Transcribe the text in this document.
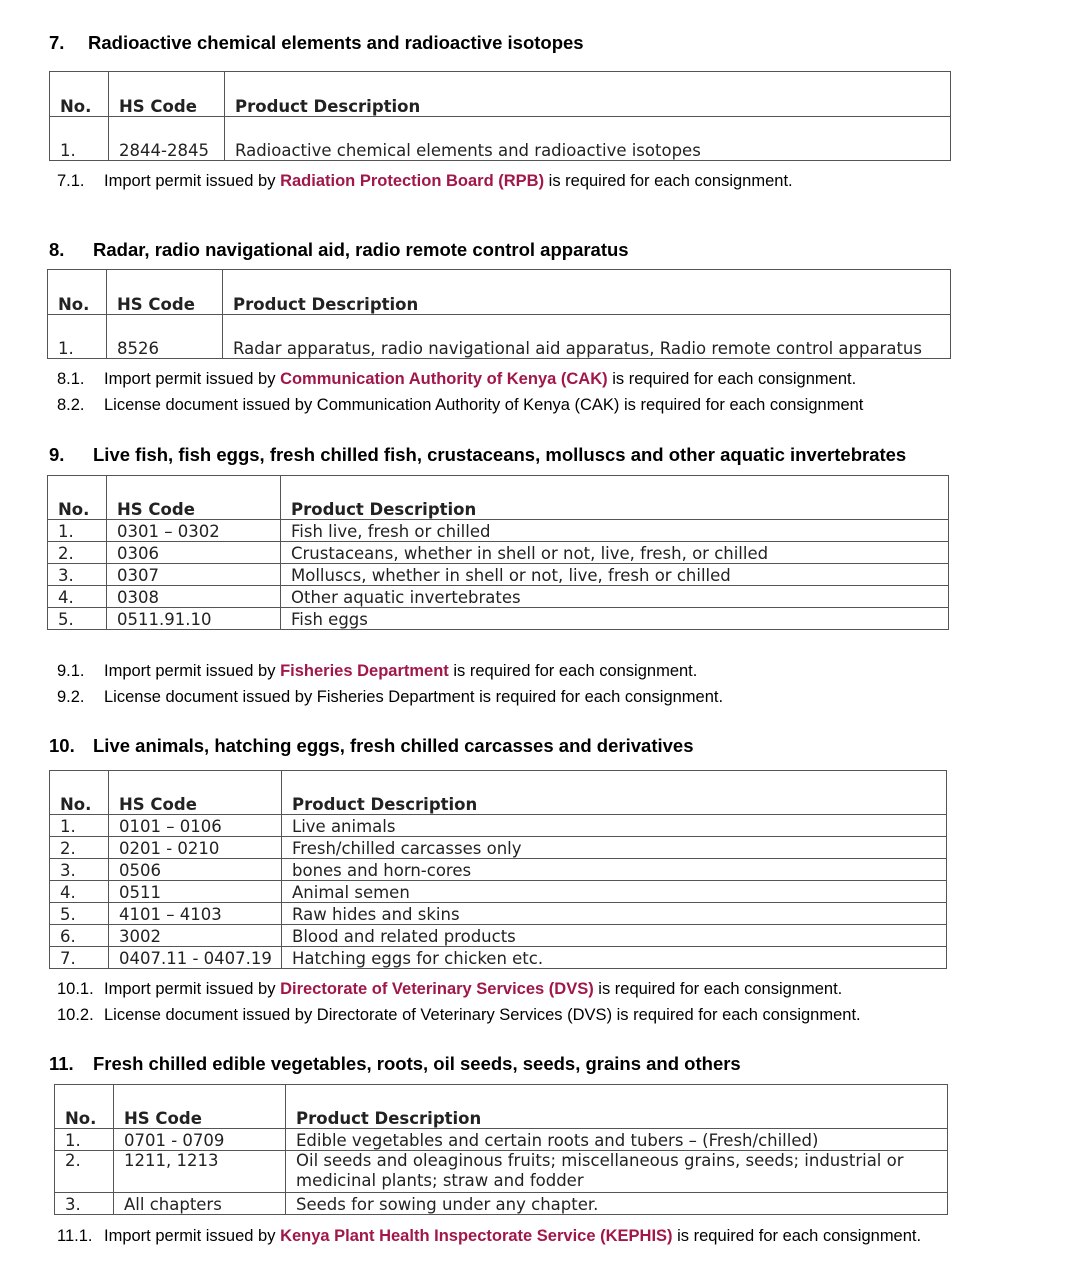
7. Radioactive chemical elements and radioactive isotopes
No.	HS Code	Product Description
1.	2844-2845	Radioactive chemical elements and radioactive isotopes

7.1. Import permit issued by Radiation Protection Board (RPB) is required for each consignment.

8. Radar, radio navigational aid, radio remote control apparatus
No.	HS Code	Product Description
1.	8526	Radar apparatus, radio navigational aid apparatus, Radio remote control apparatus

8.1. Import permit issued by Communication Authority of Kenya (CAK) is required for each consignment.

8.2. License document issued by Communication Authority of Kenya (CAK) is required for each consignment

9. Live fish, fish eggs, fresh chilled fish, crustaceans, molluscs and other aquatic invertebrates
No.	HS Code	Product Description
1.	0301 – 0302	Fish live, fresh or chilled
2.	0306	Crustaceans, whether in shell or not, live, fresh, or chilled
3.	0307	Molluscs, whether in shell or not, live, fresh or chilled
4.	0308	Other aquatic invertebrates
5.	0511.91.10	Fish eggs

9.1. Import permit issued by Fisheries Department is required for each consignment.

9.2. License document issued by Fisheries Department is required for each consignment.

10. Live animals, hatching eggs, fresh chilled carcasses and derivatives
No.	HS Code	Product Description
1.	0101 – 0106	Live animals
2.	0201 - 0210	Fresh/chilled carcasses only
3.	0506	bones and horn-cores
4.	0511	Animal semen
5.	4101 – 4103	Raw hides and skins
6.	3002	Blood and related products
7.	0407.11 - 0407.19	Hatching eggs for chicken etc.

10.1. Import permit issued by Directorate of Veterinary Services (DVS) is required for each consignment.

10.2. License document issued by Directorate of Veterinary Services (DVS) is required for each consignment.

11. Fresh chilled edible vegetables, roots, oil seeds, seeds, grains and others
No.	HS Code	Product Description
1.	0701 - 0709	Edible vegetables and certain roots and tubers – (Fresh/chilled)
2.	1211, 1213	Oil seeds and oleaginous fruits; miscellaneous grains, seeds; industrial or medicinal plants; straw and fodder
3.	All chapters	Seeds for sowing under any chapter.

11.1. Import permit issued by Kenya Plant Health Inspectorate Service (KEPHIS) is required for each consignment.
